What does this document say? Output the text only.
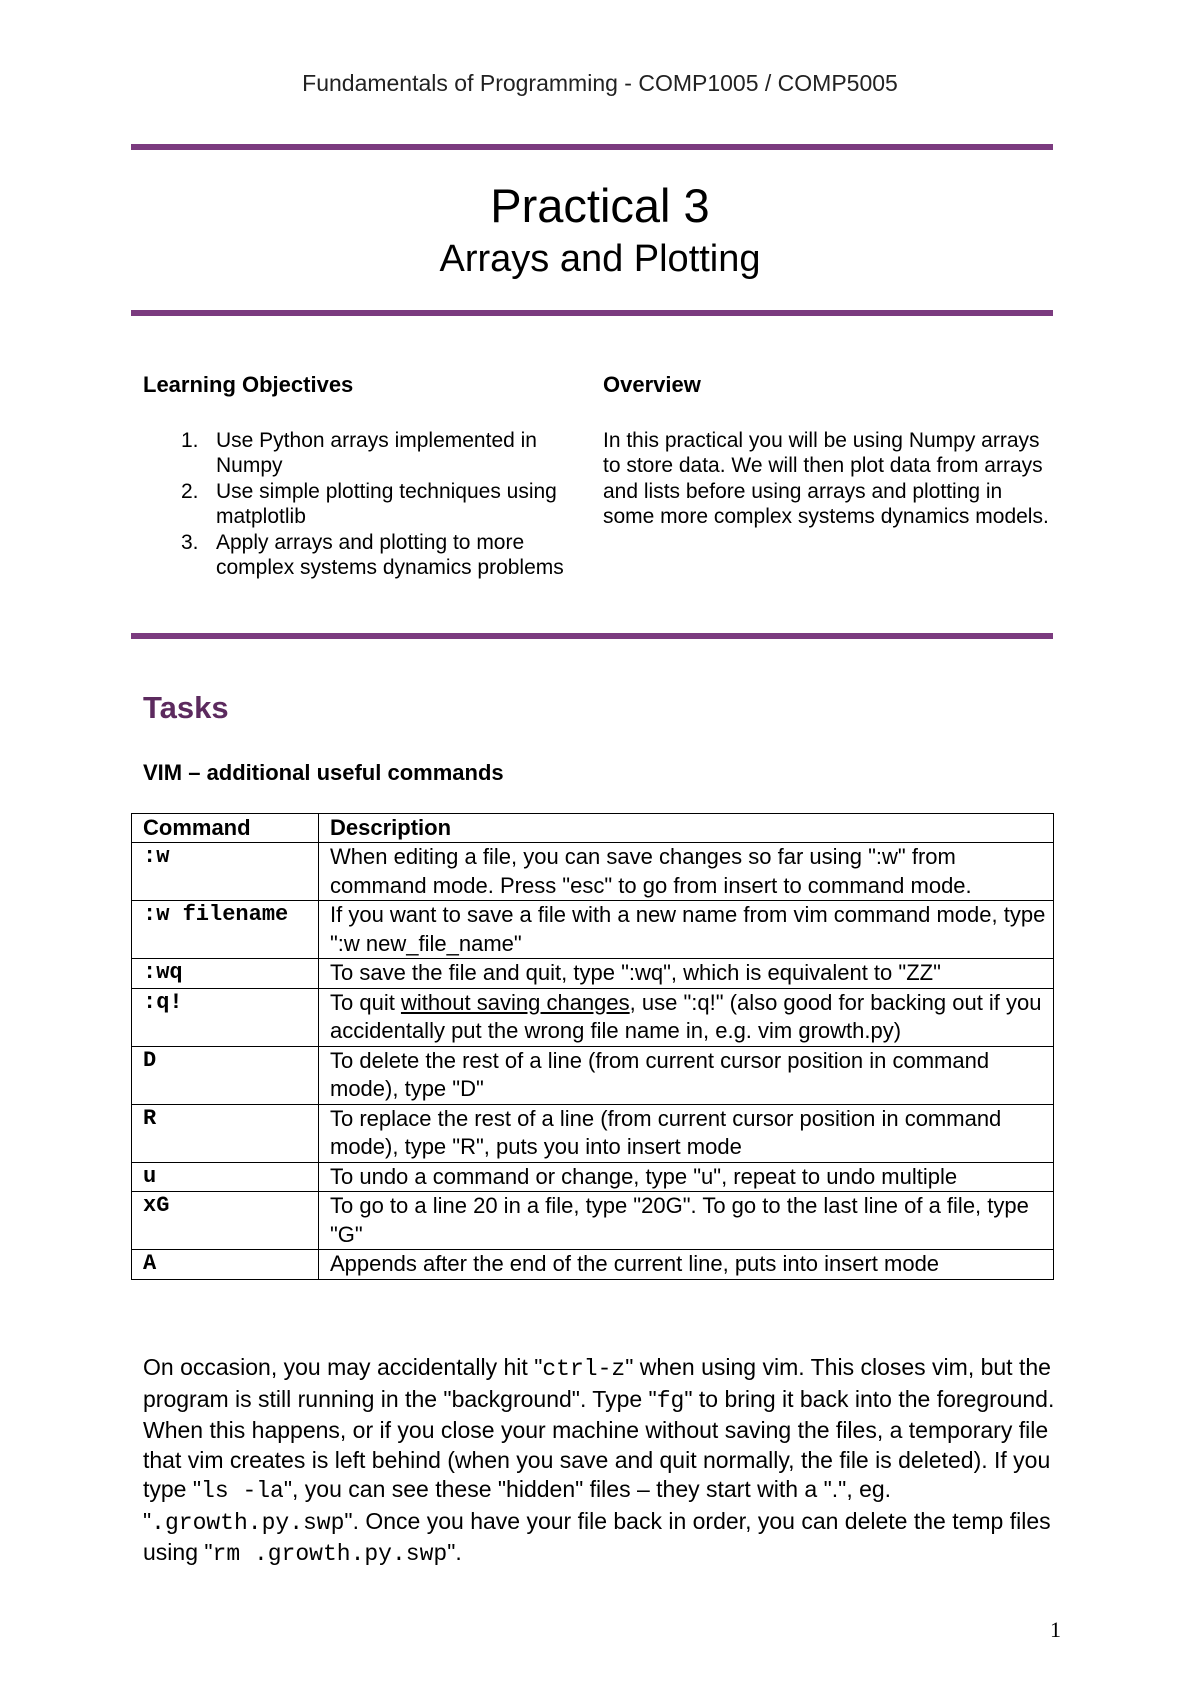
Fundamentals of Programming - COMP1005 / COMP5005
Practical 3
Arrays and Plotting
Learning Objectives
1. Use Python arrays implemented in Numpy
2. Use simple plotting techniques using matplotlib
3. Apply arrays and plotting to more complex systems dynamics problems
Overview

In this practical you will be using Numpy arrays to store data. We will then plot data from arrays and lists before using arrays and plotting in some more complex systems dynamics models.

Tasks
VIM – additional useful commands
Command	Description
:w	When editing a file, you can save changes so far using ":w" from command mode. Press "esc" to go from insert to command mode.
:w filename	If you want to save a file with a new name from vim command mode, type ":w new_file_name"
:wq	To save the file and quit, type ":wq", which is equivalent to "ZZ"
:q!	To quit without saving changes, use ":q!" (also good for backing out if you accidentally put the wrong file name in, e.g. vim growth.py)
D	To delete the rest of a line (from current cursor position in command mode), type "D"
R	To replace the rest of a line (from current cursor position in command mode), type "R", puts you into insert mode
u	To undo a command or change, type "u", repeat to undo multiple
xG	To go to a line 20 in a file, type "20G". To go to the last line of a file, type "G"
A	Appends after the end of the current line, puts into insert mode

On occasion, you may accidentally hit "ctrl-z" when using vim. This closes vim, but the program is still running in the "background". Type "fg" to bring it back into the foreground. When this happens, or if you close your machine without saving the files, a temporary file that vim creates is left behind (when you save and quit normally, the file is deleted). If you type "ls -la", you can see these "hidden" files – they start with a ".", eg. ".growth.py.swp". Once you have your file back in order, you can delete the temp files using "rm .growth.py.swp".

1
